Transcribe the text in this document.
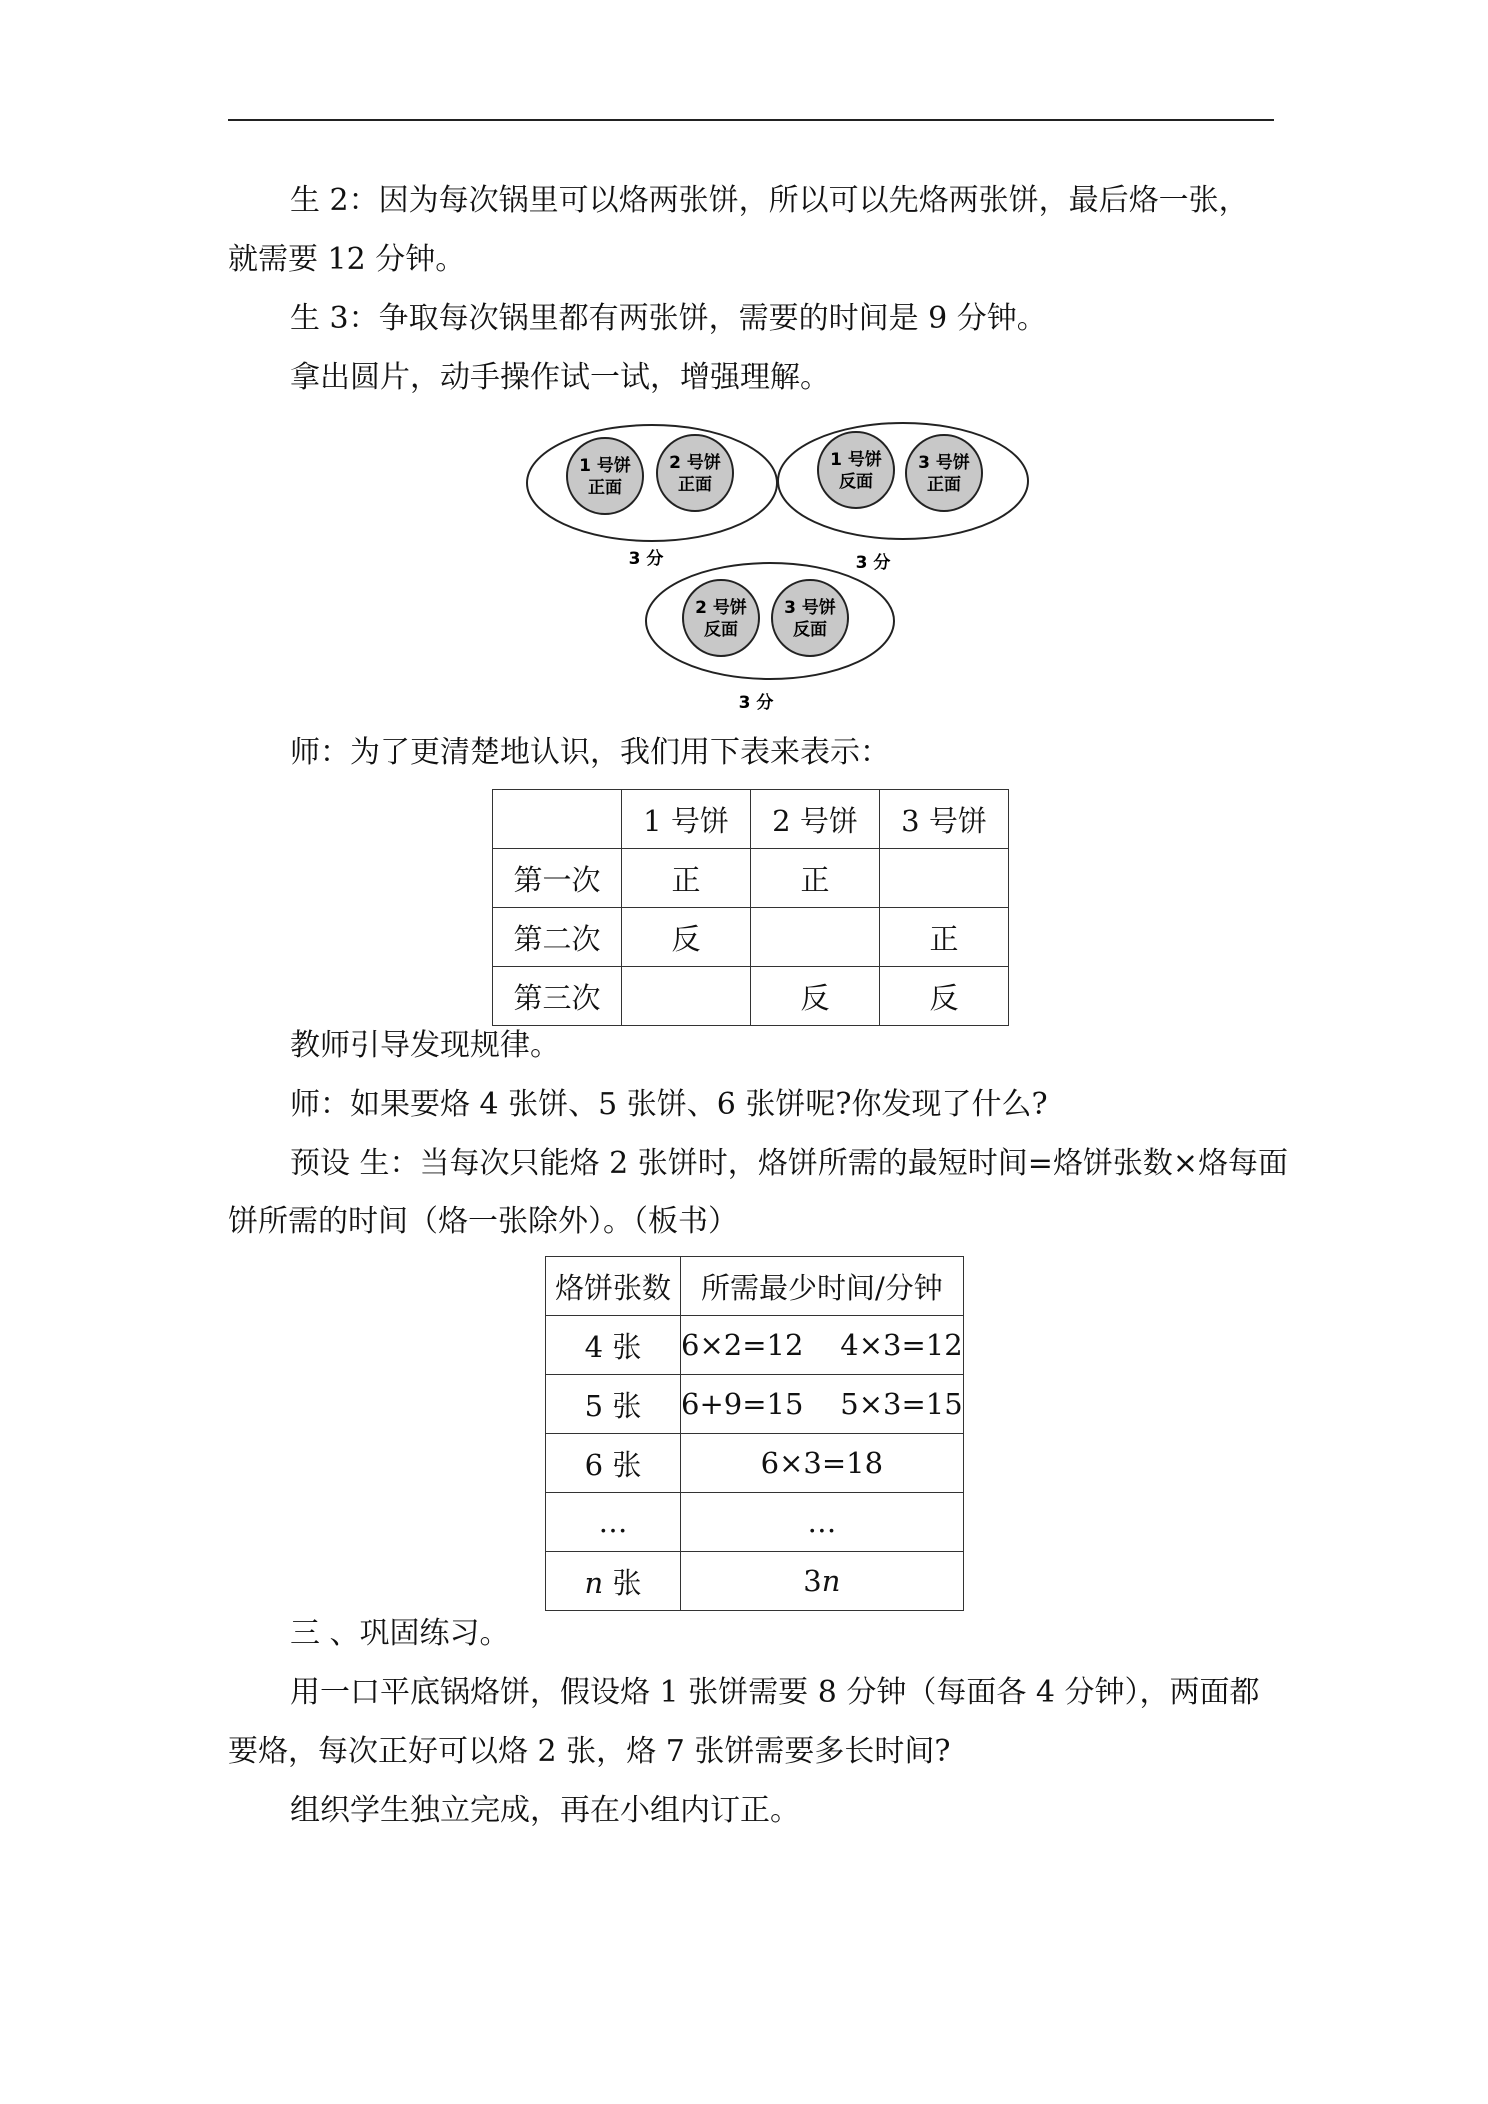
生 2：因为每次锅里可以烙两张饼，所以可以先烙两张饼，最后烙一张，
就需要 12 分钟。
生 3：争取每次锅里都有两张饼，需要的时间是 9 分钟。
拿出圆片，动手操作试一试，增强理解。
1 号饼
正面
2 号饼
正面
3 分
1 号饼
反面
3 号饼
正面
3 分
2 号饼
反面
3 号饼
反面
3 分
师：为了更清楚地认识，我们用下表来表示：
	1 号饼	2 号饼	3 号饼
第一次	正	正	
第二次	反		正
第三次		反	反
教师引导发现规律。
师：如果要烙 4 张饼、5 张饼、6 张饼呢?你发现了什么?
预设 生：当每次只能烙 2 张饼时，烙饼所需的最短时间=烙饼张数×烙每面
饼所需的时间（烙一张除外）。（板书）
烙饼张数	所需最少时间/分钟
4 张	6×2=12    4×3=12
5 张	6+9=15    5×3=15
6 张	6×3=18
…	…
n 张	3n
三 、巩固练习。
用一口平底锅烙饼，假设烙 1 张饼需要 8 分钟（每面各 4 分钟），两面都
要烙，每次正好可以烙 2 张，烙 7 张饼需要多长时间?
组织学生独立完成，再在小组内订正。
